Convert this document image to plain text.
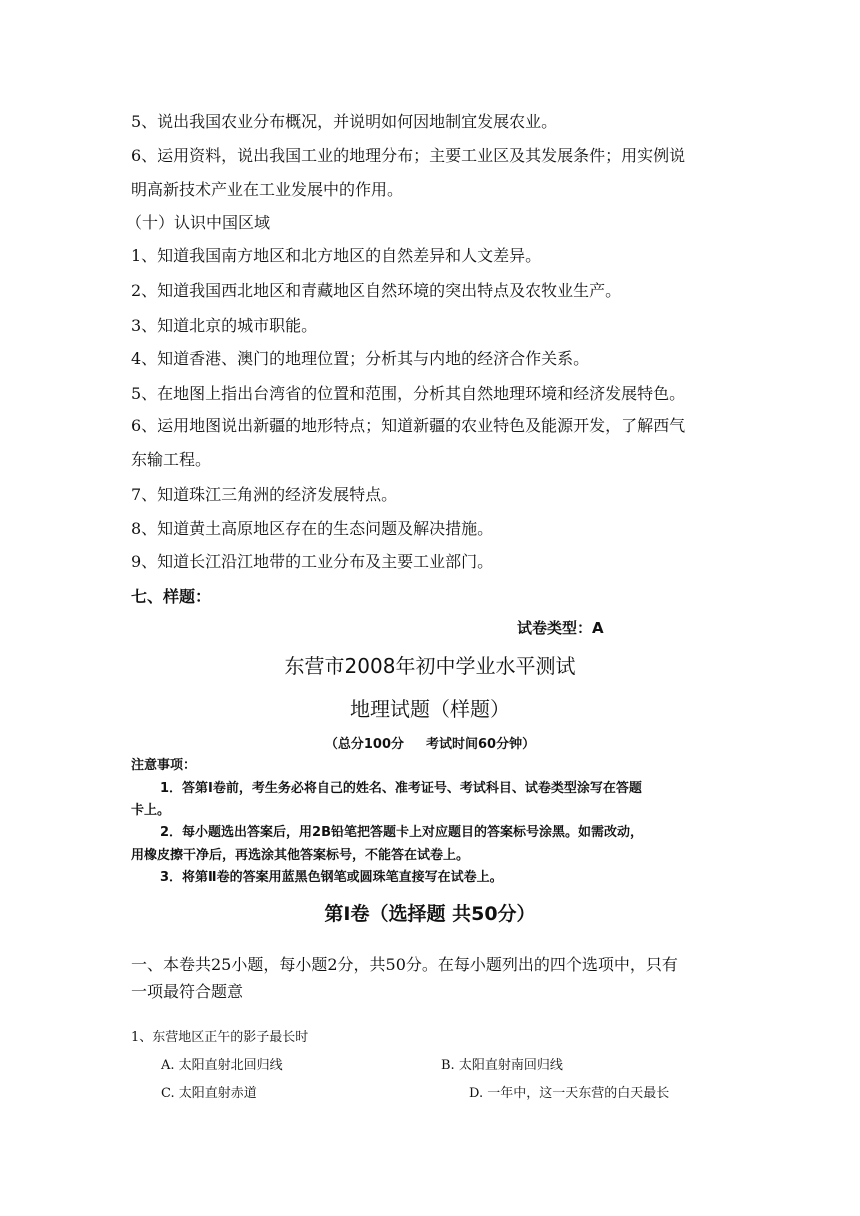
5、说出我国农业分布概况，并说明如何因地制宜发展农业。
6、运用资料，说出我国工业的地理分布；主要工业区及其发展条件；用实例说
明高新技术产业在工业发展中的作用。
（十）认识中国区域
1、知道我国南方地区和北方地区的自然差异和人文差异。
2、知道我国西北地区和青藏地区自然环境的突出特点及农牧业生产。
3、知道北京的城市职能。
4、知道香港、澳门的地理位置；分析其与内地的经济合作关系。
5、在地图上指出台湾省的位置和范围，分析其自然地理环境和经济发展特色。
6、运用地图说出新疆的地形特点；知道新疆的农业特色及能源开发，了解西气
东输工程。
7、知道珠江三角洲的经济发展特点。
8、知道黄土高原地区存在的生态问题及解决措施。
9、知道长江沿江地带的工业分布及主要工业部门。
七、样题：
试卷类型：A
东营市2008年初中学业水平测试
地理试题（样题）
（总分100分 考试时间60分钟）
注意事项：
1．答第Ⅰ卷前，考生务必将自己的姓名、准考证号、考试科目、试卷类型涂写在答题
卡上。
2．每小题选出答案后，用2B铅笔把答题卡上对应题目的答案标号涂黑。如需改动，
用橡皮擦干净后，再选涂其他答案标号，不能答在试卷上。
3．将第Ⅱ卷的答案用蓝黑色钢笔或圆珠笔直接写在试卷上。
第Ⅰ卷（选择题 共50分）
一、本卷共25小题，每小题2分，共50分。在每小题列出的四个选项中，只有
一项最符合题意
1、东营地区正午的影子最长时
A. 太阳直射北回归线	B. 太阳直射南回归线
C. 太阳直射赤道	D. 一年中，这一天东营的白天最长
